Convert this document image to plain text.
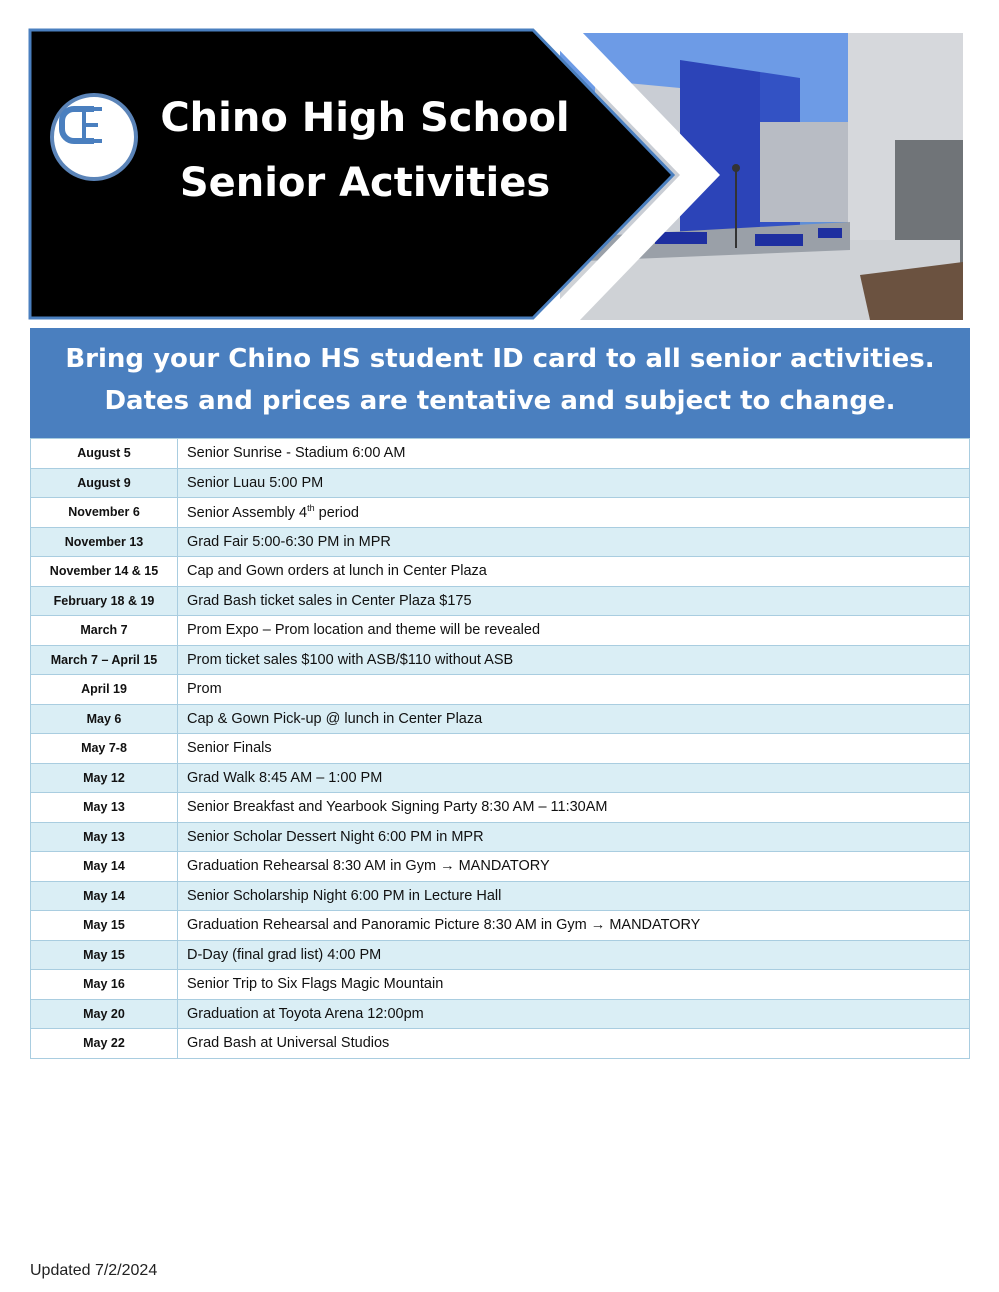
Chino High School
Senior Activities
Bring your Chino HS student ID card to all senior activities.
Dates and prices are tentative and subject to change.
August 5	Senior Sunrise - Stadium 6:00 AM
August 9	Senior Luau 5:00 PM
November 6	Senior Assembly 4th period
November 13	Grad Fair 5:00-6:30 PM in MPR
November 14 & 15	Cap and Gown orders at lunch in Center Plaza
February 18 & 19	Grad Bash ticket sales in Center Plaza $175
March 7	Prom Expo – Prom location and theme will be revealed
March 7 – April 15	Prom ticket sales $100 with ASB/$110 without ASB
April 19	Prom
May 6	Cap & Gown Pick-up @ lunch in Center Plaza
May 7-8	Senior Finals
May 12	Grad Walk 8:45 AM – 1:00 PM
May 13	Senior Breakfast and Yearbook Signing Party 8:30 AM – 11:30AM
May 13	Senior Scholar Dessert Night 6:00 PM in MPR
May 14	Graduation Rehearsal 8:30 AM in Gym → MANDATORY
May 14	Senior Scholarship Night 6:00 PM in Lecture Hall
May 15	Graduation Rehearsal and Panoramic Picture 8:30 AM in Gym → MANDATORY
May 15	D-Day (final grad list) 4:00 PM
May 16	Senior Trip to Six Flags Magic Mountain
May 20	Graduation at Toyota Arena 12:00pm
May 22	Grad Bash at Universal Studios
Updated 7/2/2024
